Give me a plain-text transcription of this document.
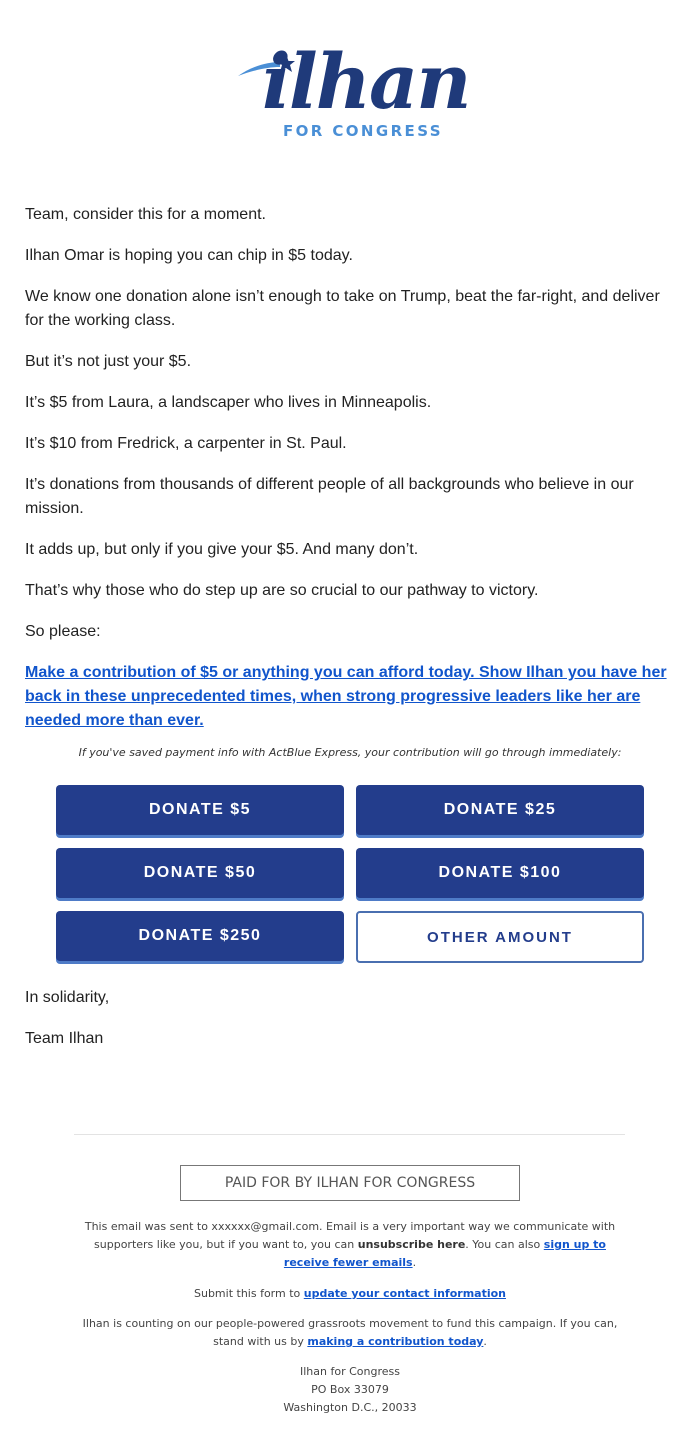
ilhan
FOR CONGRESS

Team, consider this for a moment.

Ilhan Omar is hoping you can chip in $5 today.

We know one donation alone isn’t enough to take on Trump, beat the far-right, and deliver for the working class.

But it’s not just your $5.

It’s $5 from Laura, a landscaper who lives in Minneapolis.

It’s $10 from Fredrick, a carpenter in St. Paul.

It’s donations from thousands of different people of all backgrounds who believe in our mission.

It adds up, but only if you give your $5. And many don’t.

That’s why those who do step up are so crucial to our pathway to victory.

So please:

Make a contribution of $5 or anything you can afford today. Show Ilhan you have her back in these unprecedented times, when strong progressive leaders like her are needed more than ever.
If you've saved payment info with ActBlue Express, your contribution will go through immediately:
DONATE $5	DONATE $25
DONATE $50	DONATE $100
DONATE $250	OTHER AMOUNT

In solidarity,

Team Ilhan

PAID FOR BY ILHAN FOR CONGRESS
This email was sent to xxxxxx@gmail.com. Email is a very important way we communicate with supporters like you, but if you want to, you can unsubscribe here. You can also sign up to receive fewer emails.
Submit this form to update your contact information
Ilhan is counting on our people-powered grassroots movement to fund this campaign. If you can, stand with us by making a contribution today.
Ilhan for Congress
PO Box 33079
Washington D.C., 20033
